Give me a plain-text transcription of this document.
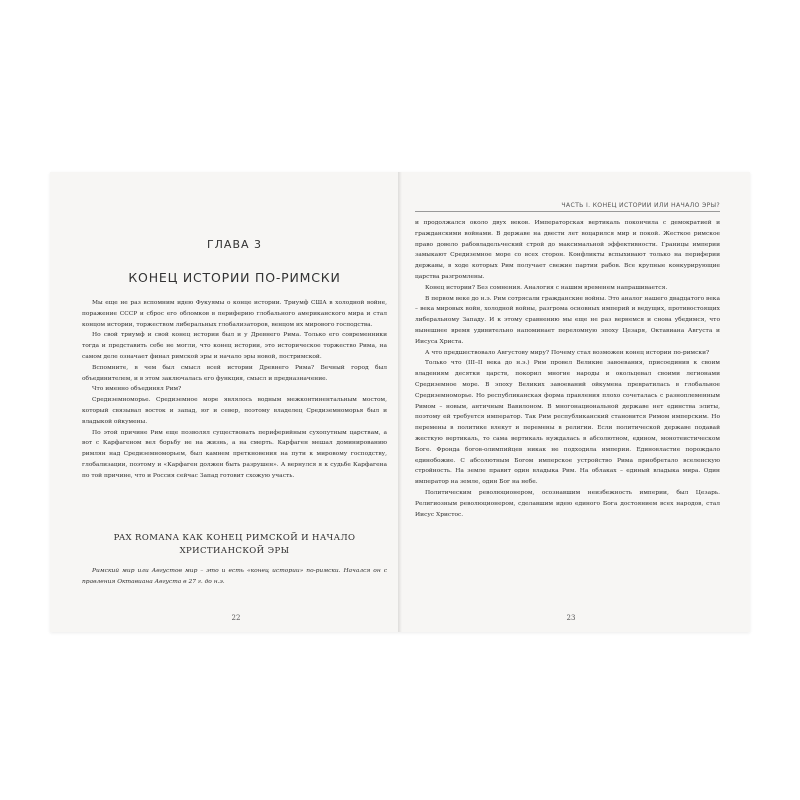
ГЛАВА 3
КОНЕЦ ИСТОРИИ ПО-РИМСКИ

Мы еще не раз вспомним идею Фукуямы о конце истории. Триумф США в холодной войне, поражение СССР и сброс его обломков в периферию глобального американского мира и стал концом истории, торжеством либеральных глобализаторов, венцом их мирового господства.

Но свой триумф и свой конец истории был и у Древнего Рима. Только его современники тогда и представить себе не могли, что конец истории, это историческое торжество Рима, на самом деле означает финал римской эры и начало эры новой, постримской.

Вспомните, в чем был смысл всей истории Древнего Рима? Вечный город был объединителем, и в этом заключалась его функция, смысл и предназначение.

Что именно объединял Рим?

Средиземноморье. Средиземное море являлось водным межконтинентальным мостом, который связывал восток и запад, юг и север, поэтому владелец Средиземноморья был и владыкой ойкумены.

По этой причине Рим еще позволял существовать периферийным сухопутным царствам, а вот с Карфагеном вел борьбу не на жизнь, а на смерть. Карфаген мешал доминированию римлян над Средиземноморьем, был камнем преткновения на пути к мировому господству, глобализации, поэтому и «Карфаген должен быть разрушен». А вернулся я к судьбе Карфагена по той причине, что и Россия сейчас Запад готовит схожую участь.

PAX ROMANA КАК КОНЕЦ РИМСКОЙ И НАЧАЛО ХРИСТИАНСКОЙ ЭРЫ

Римский мир или Августов мир – это и есть «конец истории» по-римски. Начался он с правления Октавиана Августа в 27 г. до н.э.

22
ЧАСТЬ I. КОНЕЦ ИСТОРИИ ИЛИ НАЧАЛО ЭРЫ?

и продолжался около двух веков. Императорская вертикаль покончила с демократией и гражданскими войнами. В державе на двести лет воцарился мир и покой. Жесткое римское право довело рабовладельческий строй до максимальной эффективности. Границы империи замыкают Средиземное море со всех сторон. Конфликты вспыхивают только на периферии державы, в ходе которых Рим получает свежие партии рабов. Все крупные конкурирующие царства разгромлены.

Конец истории? Без сомнения. Аналогия с нашим временем напрашивается.

В первом веке до н.э. Рим сотрясали гражданские войны. Это аналог нашего двадцатого века – века мировых войн, холодной войны, разгрома основных империй и ведущих, противостоящих либеральному Западу. И к этому сравнению мы еще не раз вернемся и снова убедимся, что нынешнее время удивительно напоминает переломную эпоху Цезаря, Октавиана Августа и Иисуса Христа.

А что предшествовало Августову миру? Почему стал возможен конец истории по-римски?

Только что (III–II века до н.э.) Рим провел Великие завоевания, присоединив к своим владениям десятки царств, покорил многие народы и окольцевал своими легионами Средиземное море. В эпоху Великих завоеваний ойкумена превратилась в глобальное Средиземноморье. Но республиканская форма правления плохо сочеталась с разноплеменным Римом – новым, античным Вавилоном. В многонациональной державе нет единства элиты, поэтому ей требуется император. Так Рим республиканский становится Римом имперским. Но перемены в политике влекут и перемены в религии. Если политической державе подавай жесткую вертикаль, то сама вертикаль нуждалась в абсолютном, едином, монотеистическом Боге. Фронда богов-олимпийцев никак не подходила империи. Единовластие порождало единобожие. С абсолютным Богом имперское устройство Рима приобретало вселенскую стройность. На земле правит один владыка Рим. На облаках – единый владыка мира. Один император на земле, один Бог на небе.

Политическим революционером, осознавшим неизбежность империи, был Цезарь. Религиозным революционером, сделавшим идею единого Бога достоянием всех народов, стал Иисус Христос.

23
